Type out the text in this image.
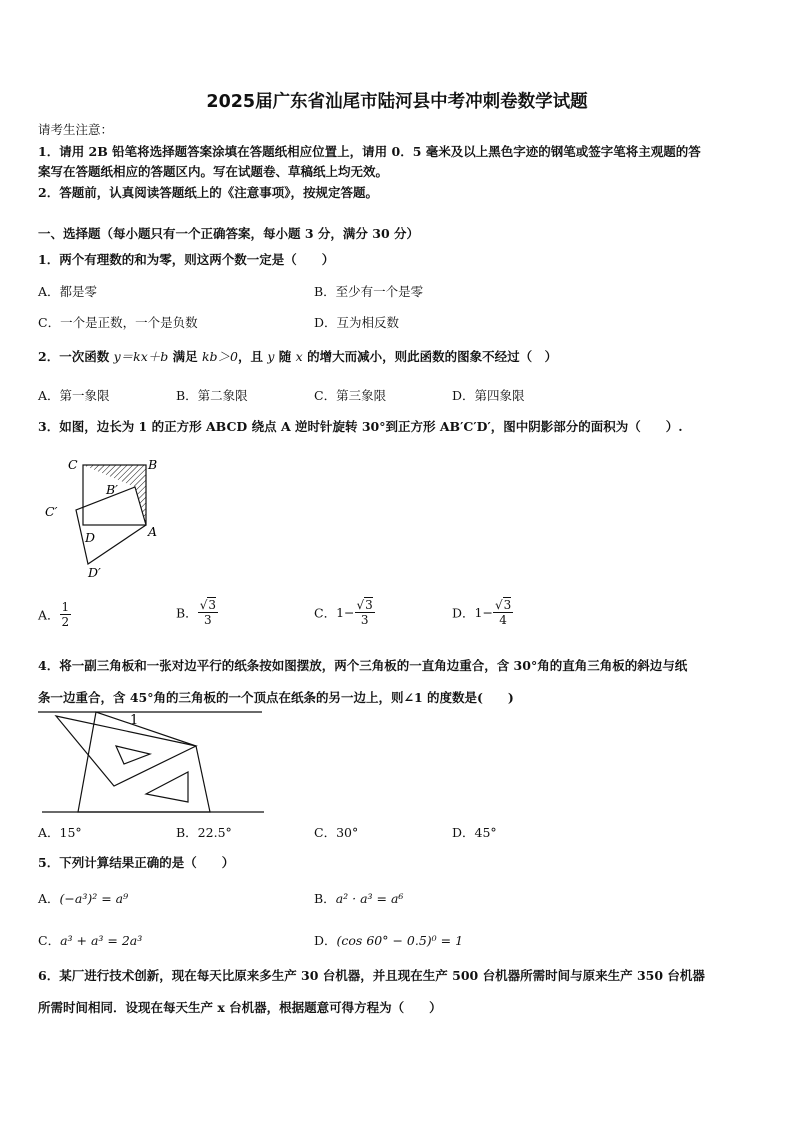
2025届广东省汕尾市陆河县中考冲刺卷数学试题
请考生注意：
1．请用 2B 铅笔将选择题答案涂填在答题纸相应位置上，请用 0．5 毫米及以上黑色字迹的钢笔或签字笔将主观题的答
案写在答题纸相应的答题区内。写在试题卷、草稿纸上均无效。
2．答题前，认真阅读答题纸上的《注意事项》，按规定答题。
一、选择题（每小题只有一个正确答案，每小题 3 分，满分 30 分）
1．两个有理数的和为零，则这两个数一定是（　　）
A．都是零	B．至少有一个是零
C．一个是正数，一个是负数	D．互为相反数
2．一次函数 y＝kx＋b 满足 kb＞0，且 y 随 x 的增大而减小，则此函数的图象不经过（　）
A．第一象限	B．第二象限	C．第三象限	D．第四象限
3．如图，边长为 1 的正方形 ABCD 绕点 A 逆时针旋转 30°到正方形 AB′C′D′，图中阴影部分的面积为（　　）.
C	B
B′
C′
D	A
D′
A． $\frac{1}{2}$	B． $\frac{√3}{3}$	C．$1- \frac{√3}{3}$	D．$1- \frac{√3}{4}$
4．将一副三角板和一张对边平行的纸条按如图摆放，两个三角板的一直角边重合，含 30°角的直角三角板的斜边与纸
条一边重合，含 45°角的三角板的一个顶点在纸条的另一边上，则∠1 的度数是(　　)
1
A．15°	B．22.5°	C．30°	D．45°
5．下列计算结果正确的是（　　）
A．(−a³)² = a⁹	B．a² · a³ = a⁶
C．a³ + a³ = 2a³	D．(cos 60° − 0.5)⁰ = 1
6．某厂进行技术创新，现在每天比原来多生产 30 台机器，并且现在生产 500 台机器所需时间与原来生产 350 台机器
所需时间相同．设现在每天生产 x 台机器，根据题意可得方程为（　　）
